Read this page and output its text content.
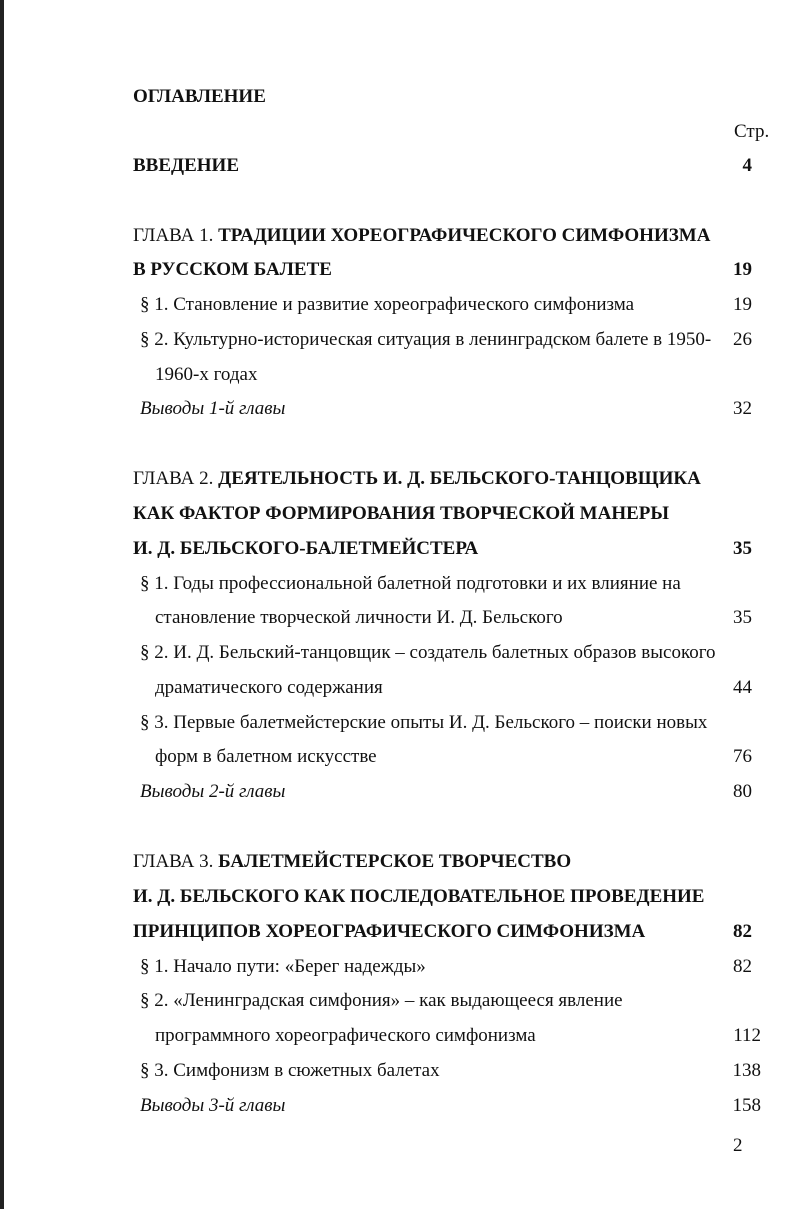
ОГЛАВЛЕНИЕ
Стр.
ВВЕДЕНИЕ	4
ГЛАВА 1. ТРАДИЦИИ ХОРЕОГРАФИЧЕСКОГО СИМФОНИЗМА
В РУССКОМ БАЛЕТЕ	19
§ 1. Становление и развитие хореографического симфонизма	19
§ 2. Культурно-историческая ситуация в ленинградском балете в 1950-	26
1960-х годах
Выводы 1-й главы	32
ГЛАВА 2. ДЕЯТЕЛЬНОСТЬ И. Д. БЕЛЬСКОГО-ТАНЦОВЩИКА
КАК ФАКТОР ФОРМИРОВАНИЯ ТВОРЧЕСКОЙ МАНЕРЫ
И. Д. БЕЛЬСКОГО-БАЛЕТМЕЙСТЕРА	35
§ 1. Годы профессиональной балетной подготовки и их влияние на
становление творческой личности И. Д. Бельского	35
§ 2. И. Д. Бельский-танцовщик – создатель балетных образов высокого
драматического содержания	44
§ 3. Первые балетмейстерские опыты И. Д. Бельского – поиски новых
форм в балетном искусстве	76
Выводы 2-й главы	80
ГЛАВА 3. БАЛЕТМЕЙСТЕРСКОЕ ТВОРЧЕСТВО
И. Д. БЕЛЬСКОГО КАК ПОСЛЕДОВАТЕЛЬНОЕ ПРОВЕДЕНИЕ
ПРИНЦИПОВ ХОРЕОГРАФИЧЕСКОГО СИМФОНИЗМА	82
§ 1. Начало пути: «Берег надежды»	82
§ 2. «Ленинградская симфония» – как выдающееся явление
программного хореографического симфонизма	112
§ 3. Симфонизм в сюжетных балетах	138
Выводы 3-й главы	158
2
